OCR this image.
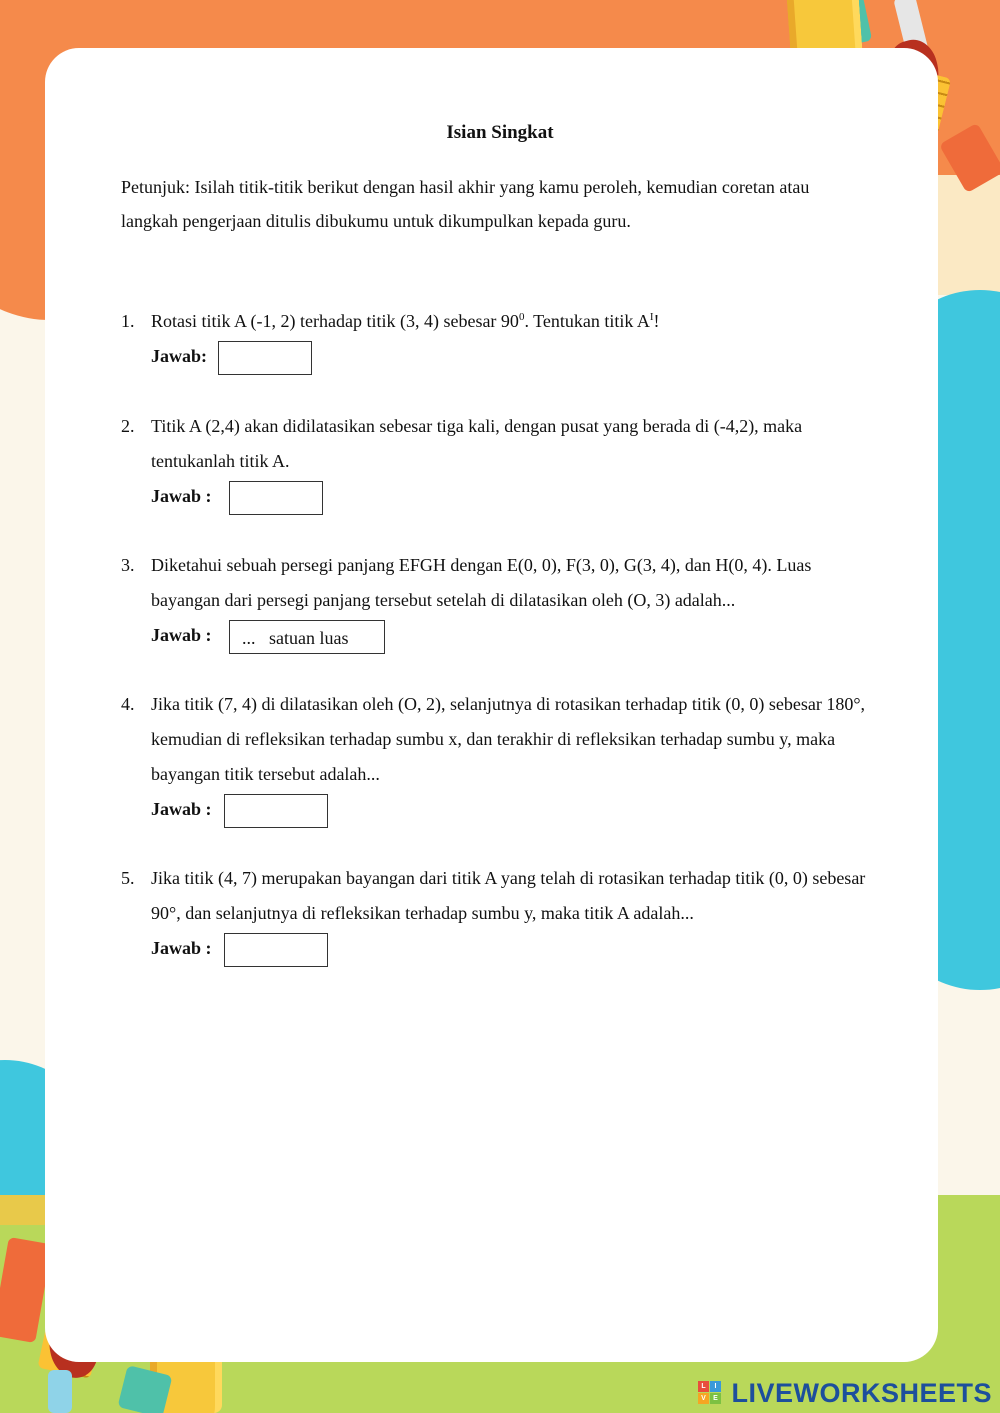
Isian Singkat
Petunjuk: Isilah titik-titik berikut dengan hasil akhir yang kamu peroleh, kemudian coretan atau langkah pengerjaan ditulis dibukumu untuk dikumpulkan kepada guru.
1. Rotasi titik A (-1, 2) terhadap titik (3, 4) sebesar $90^0$. Tentukan titik $A^I$!
Jawab:
2. Titik A (2,4) akan didilatasikan sebesar tiga kali, dengan pusat yang berada di (-4,2), maka tentukanlah titik A.
Jawab :
3. Diketahui sebuah persegi panjang EFGH dengan E(0, 0), F(3, 0), G(3, 4), dan H(0, 4). Luas bayangan dari persegi panjang tersebut setelah di dilatasikan oleh (O, 3) adalah...
Jawab :	...   satuan luas
4. Jika titik (7, 4) di dilatasikan oleh (O, 2), selanjutnya di rotasikan terhadap titik (0, 0) sebesar 180°, kemudian di refleksikan terhadap sumbu x, dan terakhir di refleksikan terhadap sumbu y, maka bayangan titik tersebut adalah...
Jawab :
5. Jika titik (4, 7) merupakan bayangan dari titik A yang telah di rotasikan terhadap titik (0, 0) sebesar 90°, dan selanjutnya di refleksikan terhadap sumbu y, maka titik A adalah...
Jawab :
L	I
V	E LIVEWORKSHEETS
